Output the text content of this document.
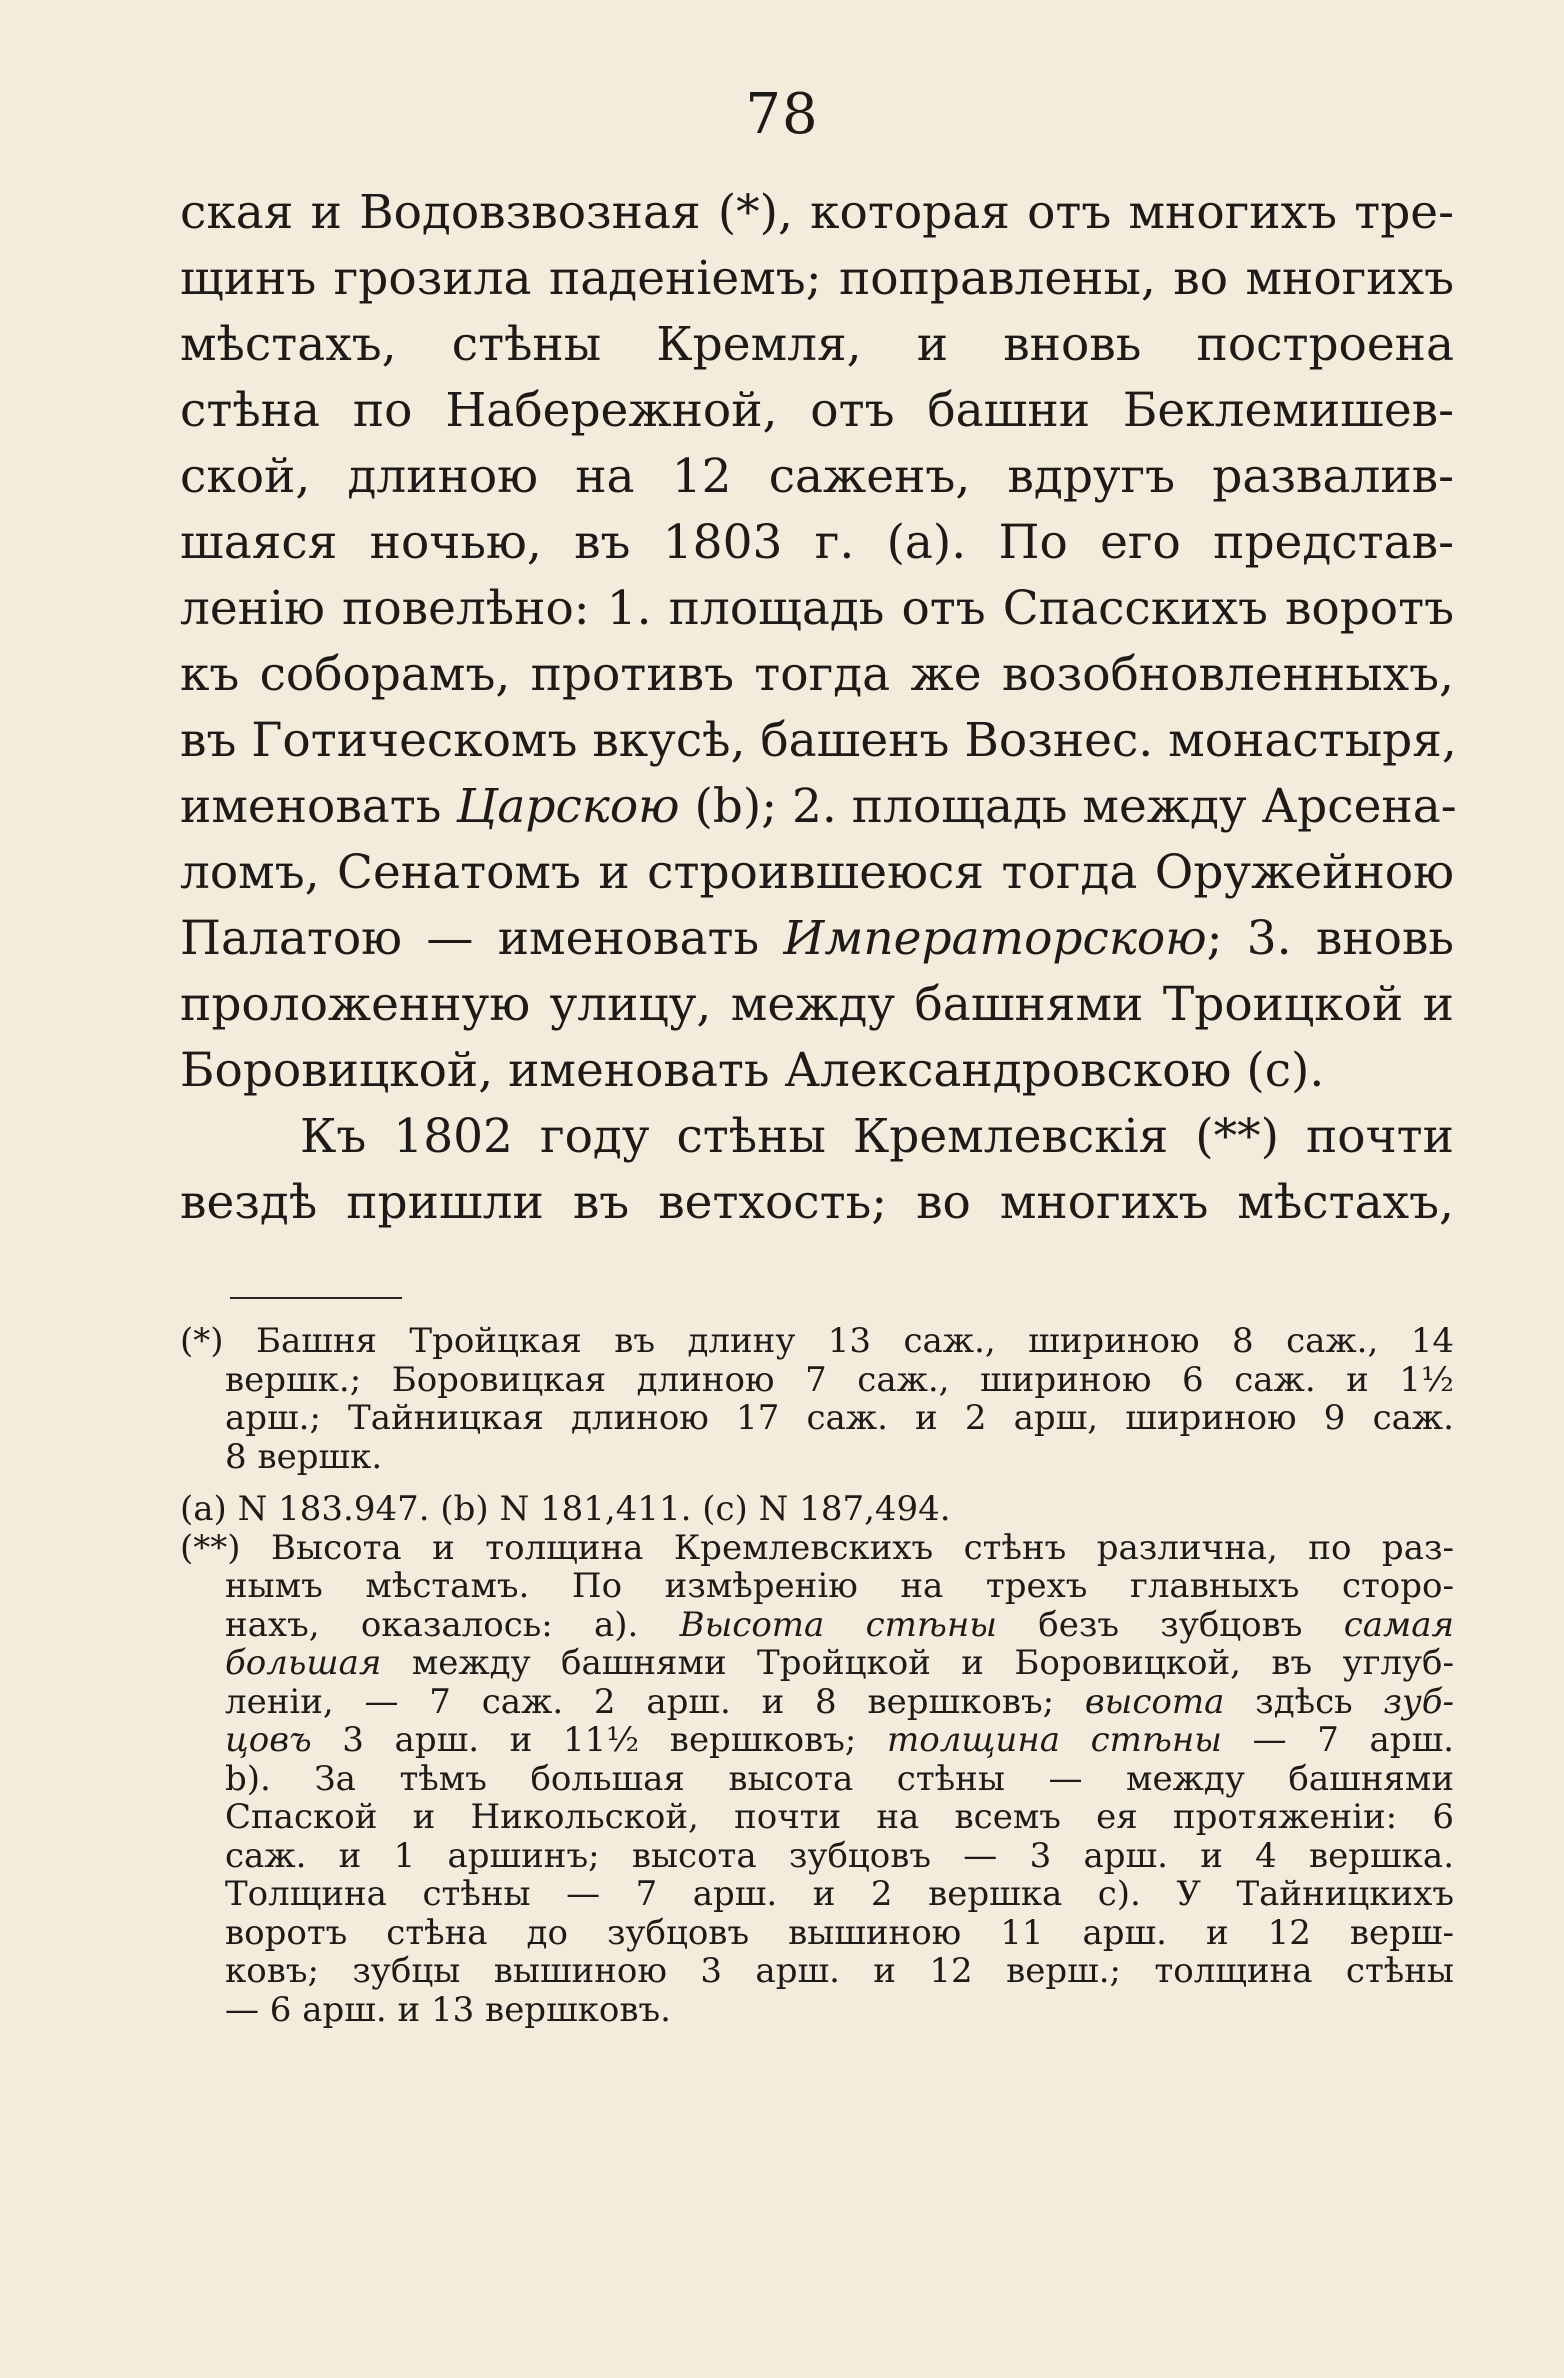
78
ская и Водовзвозная (*), которая отъ многихъ тре-
щинъ грозила паденіемъ; поправлены, во многихъ
мѣстахъ, стѣны Кремля, и вновь построена
стѣна по Набережной, отъ башни Беклемишев-
ской, длиною на 12 саженъ, вдругъ развалив-
шаяся ночью, въ 1803 г. (a). По его представ-
ленію повелѣно: 1. площадь отъ Спасскихъ воротъ
къ соборамъ, противъ тогда же возобновленныхъ,
въ Готическомъ вкусѣ, башенъ Вознес. монастыря,
именовать Царскою (b); 2. площадь между Арсена-
ломъ, Сенатомъ и строившеюся тогда Оружейною
Палатою — именовать Императорскою; 3. вновь
проложенную улицу, между башнями Троицкой и
Боровицкой, именовать Александровскою (c).
Къ 1802 году стѣны Кремлевскія (**) почти
вездѣ пришли въ ветхость; во многихъ мѣстахъ,
(*) Башня Тройцкая въ длину 13 саж., шириною 8 саж., 14
вершк.; Боровицкая длиною 7 саж., шириною 6 саж. и 1½
арш.; Тайницкая длиною 17 саж. и 2 арш, шириною 9 саж.
8 вершк.
(a) N 183.947. (b) N 181,411. (c) N 187,494.
(**) Высота и толщина Кремлевскихъ стѣнъ различна, по раз-
нымъ мѣстамъ. По измѣренію на трехъ главныхъ сторо-
нахъ, оказалось: a). Высота стѣны безъ зубцовъ самая
большая между башнями Тройцкой и Боровицкой, въ углуб-
леніи, — 7 саж. 2 арш. и 8 вершковъ; высота здѣсь зуб-
цовъ 3 арш. и 11½ вершковъ; толщина стѣны — 7 арш.
b). За тѣмъ большая высота стѣны — между башнями
Спаской и Никольской, почти на всемъ ея протяженіи: 6
саж. и 1 аршинъ; высота зубцовъ — 3 арш. и 4 вершка.
Толщина стѣны — 7 арш. и 2 вершка c). У Тайницкихъ
воротъ стѣна до зубцовъ вышиною 11 арш. и 12 верш-
ковъ; зубцы вышиною 3 арш. и 12 верш.; толщина стѣны
— 6 арш. и 13 вершковъ.
